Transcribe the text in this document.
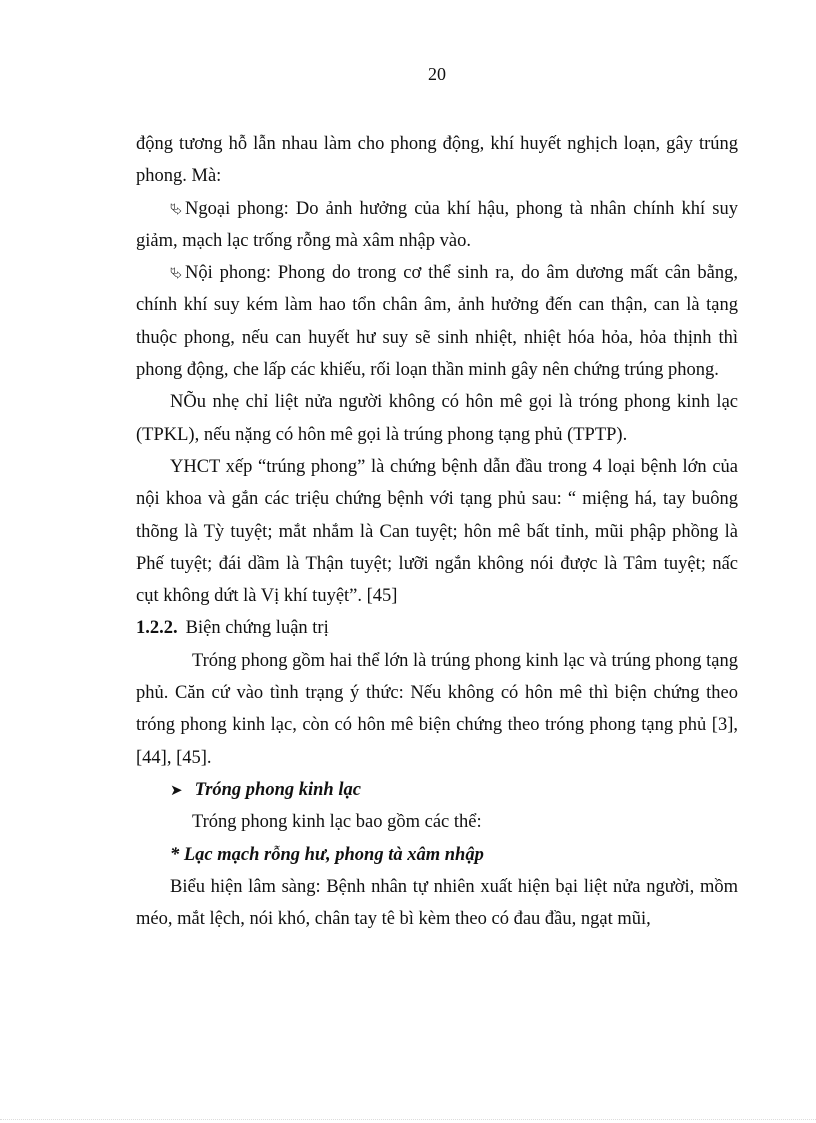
20

động tương hỗ lẫn nhau làm cho phong động, khí huyết nghịch loạn, gây trúng phong. Mà:

⮱ Ngoại phong: Do ảnh hưởng của khí hậu, phong tà nhân chính khí suy giảm, mạch lạc trống rỗng mà xâm nhập vào.

⮱ Nội phong: Phong do trong cơ thể sinh ra, do âm dương mất cân bằng, chính khí suy kém làm hao tổn chân âm, ảnh hưởng đến can thận, can là tạng thuộc phong, nếu can huyết hư suy sẽ sinh nhiệt, nhiệt hóa hỏa, hỏa thịnh thì phong động, che lấp các khiếu, rối loạn thần minh gây nên chứng trúng phong.

NÕu nhẹ chỉ liệt nửa người không có hôn mê gọi là tróng phong kinh lạc (TPKL), nếu nặng có hôn mê gọi là trúng phong tạng phủ (TPTP).

YHCT xếp “trúng phong” là chứng bệnh dẫn đầu trong 4 loại bệnh lớn của nội khoa và gắn các triệu chứng bệnh với tạng phủ sau: “ miệng há, tay buông thõng là Tỳ tuyệt; mắt nhắm là Can tuyệt; hôn mê bất tỉnh, mũi phập phồng là Phế tuyệt; đái dầm là Thận tuyệt; lưỡi ngắn không nói được là Tâm tuyệt; nấc cụt không dứt là Vị khí tuyệt”. [45]

1.2.2. Biện chứng luận trị

Tróng phong gồm hai thể lớn là trúng phong kinh lạc và trúng phong tạng phủ. Căn cứ vào tình trạng ý thức: Nếu không có hôn mê thì biện chứng theo tróng phong kinh lạc, còn có hôn mê biện chứng theo tróng phong tạng phủ [3], [44], [45].

➤ Tróng phong kinh lạc

Tróng phong kinh lạc bao gồm các thể:

* Lạc mạch rỗng hư, phong tà xâm nhập

Biểu hiện lâm sàng: Bệnh nhân tự nhiên xuất hiện bại liệt nửa người, mồm méo, mắt lệch, nói khó, chân tay tê bì kèm theo có đau đầu, ngạt mũi,
